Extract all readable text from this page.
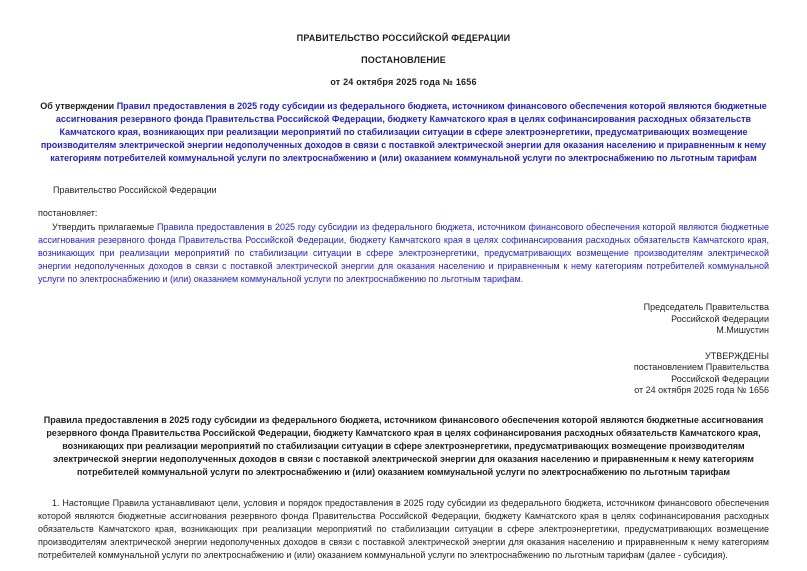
ПРАВИТЕЛЬСТВО РОССИЙСКОЙ ФЕДЕРАЦИИ
ПОСТАНОВЛЕНИЕ
от 24 октября 2025 года № 1656
Об утверждении Правил предоставления в 2025 году субсидии из федерального бюджета, источником финансового обеспечения которой являются бюджетные ассигнования резервного фонда Правительства Российской Федерации, бюджету Камчатского края в целях софинансирования расходных обязательств Камчатского края, возникающих при реализации мероприятий по стабилизации ситуации в сфере электроэнергетики, предусматривающих возмещение производителям электрической энергии недополученных доходов в связи с поставкой электрической энергии для оказания населению и приравненным к нему категориям потребителей коммунальной услуги по электроснабжению и (или) оказанием коммунальной услуги по электроснабжению по льготным тарифам
Правительство Российской Федерации
постановляет:
Утвердить прилагаемые Правила предоставления в 2025 году субсидии из федерального бюджета, источником финансового обеспечения которой являются бюджетные ассигнования резервного фонда Правительства Российской Федерации, бюджету Камчатского края в целях софинансирования расходных обязательств Камчатского края, возникающих при реализации мероприятий по стабилизации ситуации в сфере электроэнергетики, предусматривающих возмещение производителям электрической энергии недополученных доходов в связи с поставкой электрической энергии для оказания населению и приравненным к нему категориям потребителей коммунальной услуги по электроснабжению и (или) оказанием коммунальной услуги по электроснабжению по льготным тарифам.
Председатель Правительства
Российской Федерации
М.Мишустин
УТВЕРЖДЕНЫ
постановлением Правительства
Российской Федерации
от 24 октября 2025 года № 1656
Правила предоставления в 2025 году субсидии из федерального бюджета, источником финансового обеспечения которой являются бюджетные ассигнования резервного фонда Правительства Российской Федерации, бюджету Камчатского края в целях софинансирования расходных обязательств Камчатского края, возникающих при реализации мероприятий по стабилизации ситуации в сфере электроэнергетики, предусматривающих возмещение производителям электрической энергии недополученных доходов в связи с поставкой электрической энергии для оказания населению и приравненным к нему категориям потребителей коммунальной услуги по электроснабжению и (или) оказанием коммунальной услуги по электроснабжению по льготным тарифам
1. Настоящие Правила устанавливают цели, условия и порядок предоставления в 2025 году субсидии из федерального бюджета, источником финансового обеспечения которой являются бюджетные ассигнования резервного фонда Правительства Российской Федерации, бюджету Камчатского края в целях софинансирования расходных обязательств Камчатского края, возникающих при реализации мероприятий по стабилизации ситуации в сфере электроэнергетики, предусматривающих возмещение производителям электрической энергии недополученных доходов в связи с поставкой электрической энергии для оказания населению и приравненным к нему категориям потребителей коммунальной услуги по электроснабжению и (или) оказанием коммунальной услуги по электроснабжению по льготным тарифам (далее - субсидия).
